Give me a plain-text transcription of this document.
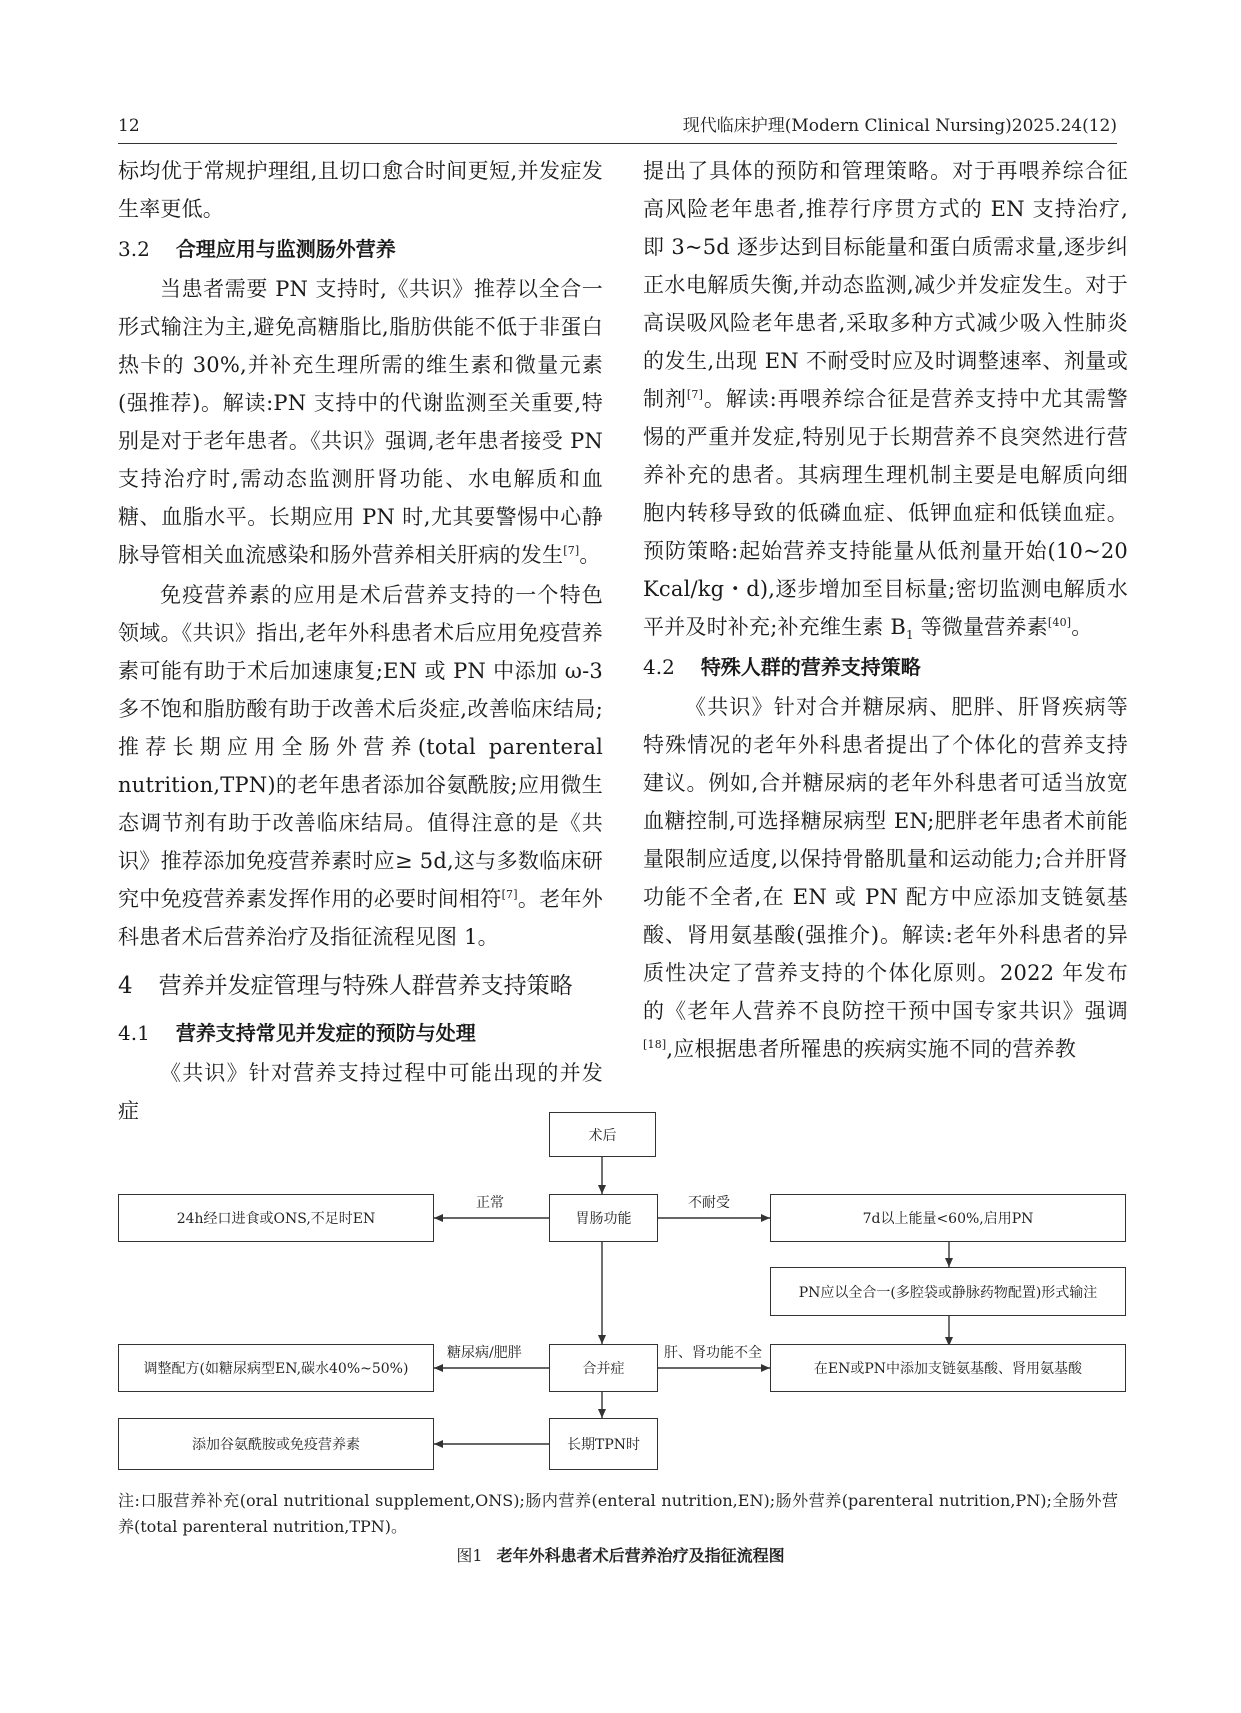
12	现代临床护理(Modern Clinical Nursing)2025.24(12)

标均优于常规护理组,且切口愈合时间更短,并发症发生率更低。

3.2 合理应用与监测肠外营养

当患者需要 PN 支持时,《共识》推荐以全合一形式输注为主,避免高糖脂比,脂肪供能不低于非蛋白热卡的 30%,并补充生理所需的维生素和微量元素(强推荐)。解读:PN 支持中的代谢监测至关重要,特别是对于老年患者。《共识》强调,老年患者接受 PN 支持治疗时,需动态监测肝肾功能、水电解质和血糖、血脂水平。长期应用 PN 时,尤其要警惕中心静脉导管相关血流感染和肠外营养相关肝病的发生[7]。

免疫营养素的应用是术后营养支持的一个特色领域。《共识》指出,老年外科患者术后应用免疫营养素可能有助于术后加速康复;EN 或 PN 中添加 ω-3 多不饱和脂肪酸有助于改善术后炎症,改善临床结局;推荐长期应用全肠外营养(total parenteral nutrition,TPN)的老年患者添加谷氨酰胺;应用微生态调节剂有助于改善临床结局。值得注意的是《共识》推荐添加免疫营养素时应≥ 5d,这与多数临床研究中免疫营养素发挥作用的必要时间相符[7]。老年外科患者术后营养治疗及指征流程见图 1。

4 营养并发症管理与特殊人群营养支持策略
4.1 营养支持常见并发症的预防与处理

《共识》针对营养支持过程中可能出现的并发症

提出了具体的预防和管理策略。对于再喂养综合征高风险老年患者,推荐行序贯方式的 EN 支持治疗,即 3~5d 逐步达到目标能量和蛋白质需求量,逐步纠正水电解质失衡,并动态监测,减少并发症发生。对于高误吸风险老年患者,采取多种方式减少吸入性肺炎的发生,出现 EN 不耐受时应及时调整速率、剂量或制剂[7]。解读:再喂养综合征是营养支持中尤其需警惕的严重并发症,特别见于长期营养不良突然进行营养补充的患者。其病理生理机制主要是电解质向细胞内转移导致的低磷血症、低钾血症和低镁血症。预防策略:起始营养支持能量从低剂量开始(10~20 Kcal/kg・d),逐步增加至目标量;密切监测电解质水平并及时补充;补充维生素 $B_1$ 等微量营养素[40]。

4.2 特殊人群的营养支持策略

《共识》针对合并糖尿病、肥胖、肝肾疾病等特殊情况的老年外科患者提出了个体化的营养支持建议。例如,合并糖尿病的老年外科患者可适当放宽血糖控制,可选择糖尿病型 EN;肥胖老年患者术前能量限制应适度,以保持骨骼肌量和运动能力;合并肝肾功能不全者,在 EN 或 PN 配方中应添加支链氨基酸、肾用氨基酸(强推介)。解读:老年外科患者的异质性决定了营养支持的个体化原则。2022 年发布的《老年人营养不良防控干预中国专家共识》强调[18],应根据患者所罹患的疾病实施不同的营养教

术后
胃肠功能
24h经口进食或ONS,不足时EN	7d以上能量<60%,启用PN
PN应以全合一(多腔袋或静脉药物配置)形式输注
合并症
调整配方(如糖尿病型EN,碳水40%~50%)	在EN或PN中添加支链氨基酸、肾用氨基酸
长期TPN时
添加谷氨酰胺或免疫营养素
正常	不耐受
糖尿病/肥胖	肝、肾功能不全
注:口服营养补充(oral nutritional supplement,ONS);肠内营养(enteral nutrition,EN);肠外营养(parenteral nutrition,PN);全肠外营养(total parenteral nutrition,TPN)。
图1 老年外科患者术后营养治疗及指征流程图
